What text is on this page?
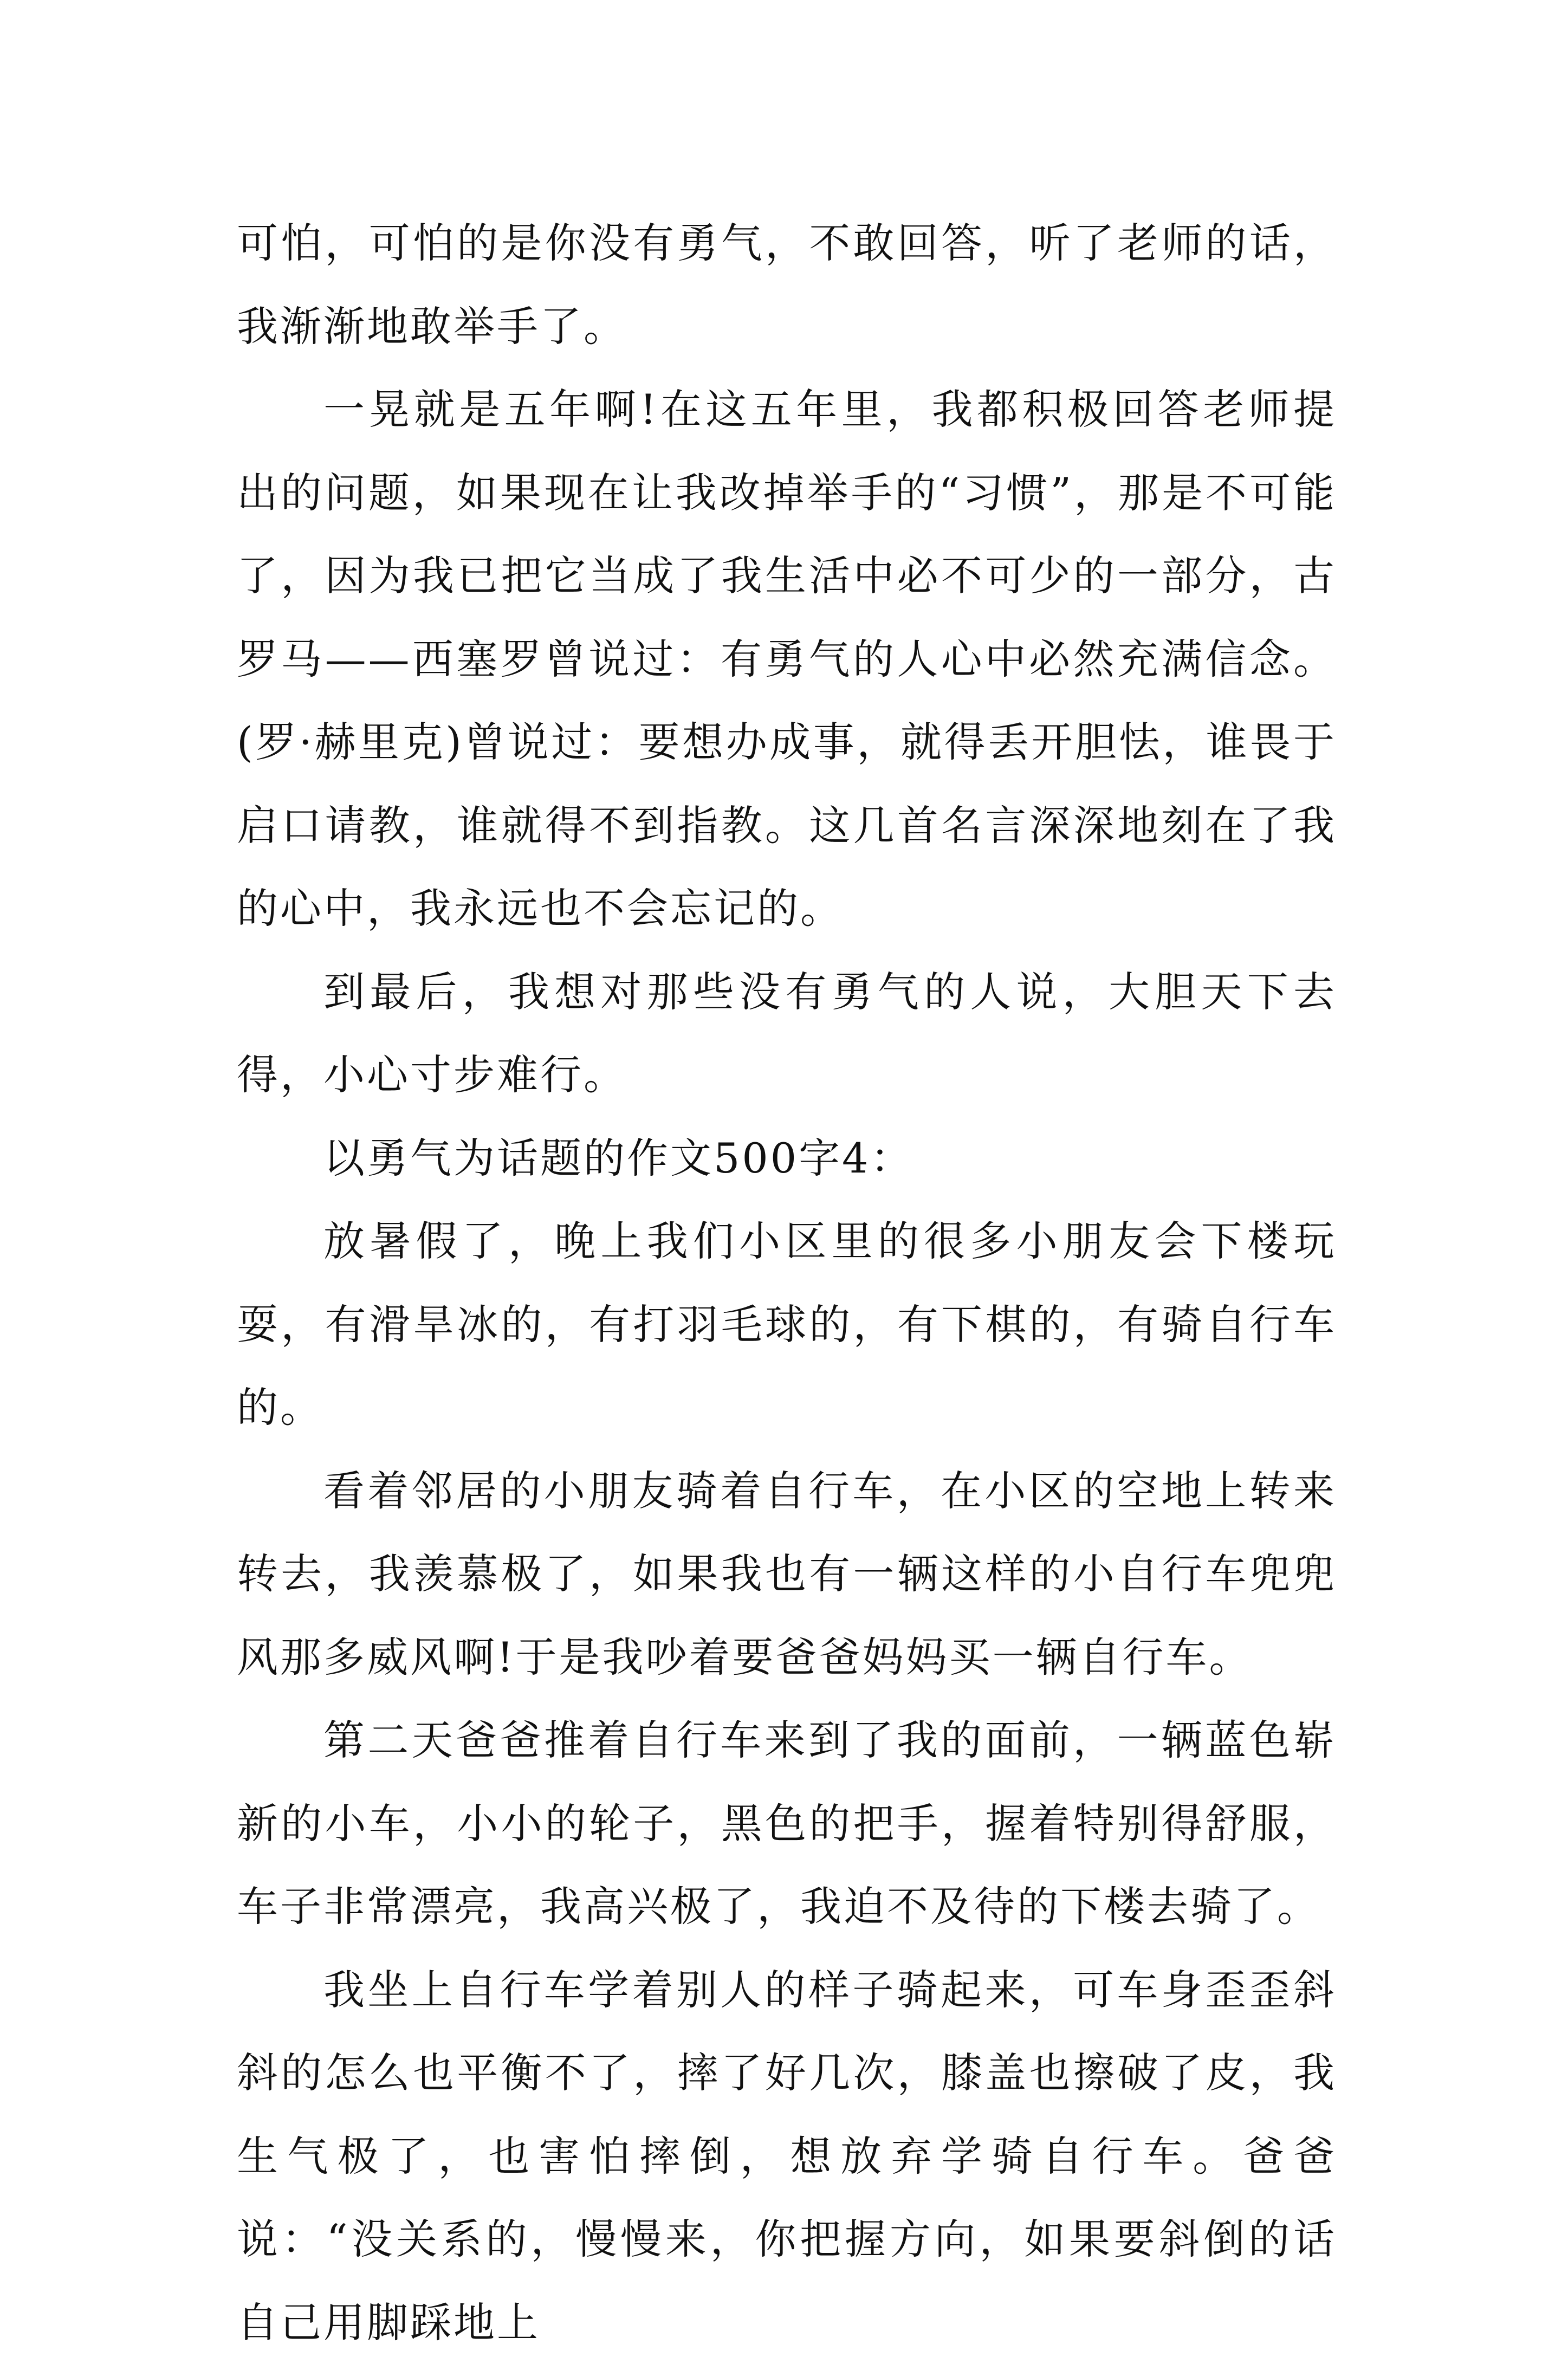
可怕，可怕的是你没有勇气，不敢回答，听了老师的话，我渐渐地敢举手了。

一晃就是五年啊!在这五年里，我都积极回答老师提出的问题，如果现在让我改掉举手的“习惯”，那是不可能了，因为我已把它当成了我生活中必不可少的一部分，古罗马——西塞罗曾说过：有勇气的人心中必然充满信念。(罗·赫里克)曾说过：要想办成事，就得丢开胆怯，谁畏于启口请教，谁就得不到指教。这几首名言深深地刻在了我的心中，我永远也不会忘记的。

到最后，我想对那些没有勇气的人说，大胆天下去得，小心寸步难行。

以勇气为话题的作文500字4：

放暑假了，晚上我们小区里的很多小朋友会下楼玩耍，有滑旱冰的，有打羽毛球的，有下棋的，有骑自行车的。

看着邻居的小朋友骑着自行车，在小区的空地上转来转去，我羡慕极了，如果我也有一辆这样的小自行车兜兜风那多威风啊!于是我吵着要爸爸妈妈买一辆自行车。

第二天爸爸推着自行车来到了我的面前，一辆蓝色崭新的小车，小小的轮子，黑色的把手，握着特别得舒服，车子非常漂亮，我高兴极了，我迫不及待的下楼去骑了。

我坐上自行车学着别人的样子骑起来，可车身歪歪斜斜的怎么也平衡不了，摔了好几次，膝盖也擦破了皮，我生气极了，也害怕摔倒，想放弃学骑自行车。爸爸说：“没关系的，慢慢来，你把握方向，如果要斜倒的话自己用脚踩地上
